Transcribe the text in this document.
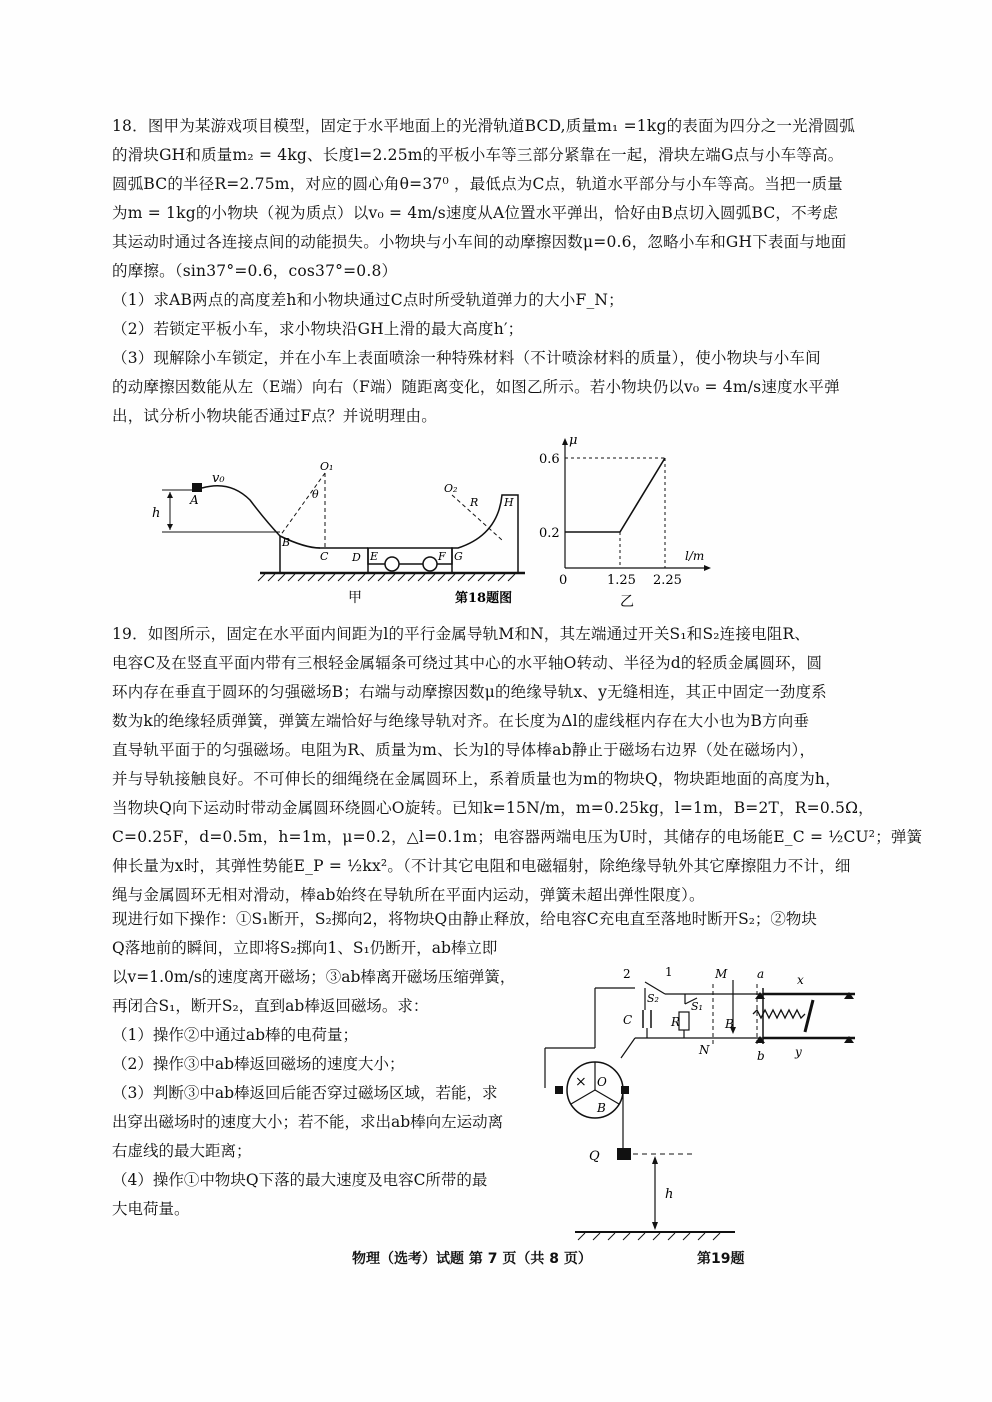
18．图甲为某游戏项目模型，固定于水平地面上的光滑轨道BCD,质量m₁ =1kg的表面为四分之一光滑圆弧
的滑块GH和质量m₂ = 4kg、长度l=2.25m的平板小车等三部分紧靠在一起，滑块左端G点与小车等高。
圆弧BC的半径R=2.75m，对应的圆心角θ=37⁰ ，最低点为C点，轨道水平部分与小车等高。当把一质量
为m = 1kg的小物块（视为质点）以v₀ = 4m/s速度从A位置水平弹出，恰好由B点切入圆弧BC，不考虑
其运动时通过各连接点间的动能损失。小物块与小车间的动摩擦因数μ=0.6，忽略小车和GH下表面与地面
的摩擦。（sin37°=0.6，cos37°=0.8）
（1）求AB两点的高度差h和小物块通过C点时所受轨道弹力的大小F_N；
（2）若锁定平板小车，求小物块沿GH上滑的最大高度h′；
（3）现解除小车锁定，并在小车上表面喷涂一种特殊材料（不计喷涂材料的质量），使小物块与小车间
的动摩擦因数能从左（E端）向右（F端）随距离变化，如图乙所示。若小物块仍以v₀ = 4m/s速度水平弹
出，试分析小物块能否通过F点？并说明理由。
h
A
v₀
B
C D
O₁
θ
E	F G
H
O₂
R
甲	第18题图
μ
l/m
0.6
0.2
0	1.25 2.25
乙
19．如图所示，固定在水平面内间距为l的平行金属导轨M和N，其左端通过开关S₁和S₂连接电阻R、
电容C及在竖直平面内带有三根轻金属辐条可绕过其中心的水平轴O转动、半径为d的轻质金属圆环，圆
环内存在垂直于圆环的匀强磁场B；右端与动摩擦因数μ的绝缘导轨x、y无缝相连，其正中固定一劲度系
数为k的绝缘轻质弹簧，弹簧左端恰好与绝缘导轨对齐。在长度为Δl的虚线框内存在大小也为B方向垂
直导轨平面于的匀强磁场。电阻为R、质量为m、长为l的导体棒ab静止于磁场右边界（处在磁场内），
并与导轨接触良好。不可伸长的细绳绕在金属圆环上，系着质量也为m的物块Q，物块距地面的高度为h，
当物块Q向下运动时带动金属圆环绕圆心O旋转。已知k=15N/m，m=0.25kg，l=1m，B=2T，R=0.5Ω，
C=0.25F，d=0.5m，h=1m，μ=0.2，△l=0.1m；电容器两端电压为U时，其储存的电场能E_C = ½CU²；弹簧
伸长量为x时，其弹性势能E_P = ½kx²。（不计其它电阻和电磁辐射，除绝缘导轨外其它摩擦阻力不计，细
绳与金属圆环无相对滑动，棒ab始终在导轨所在平面内运动，弹簧未超出弹性限度）。
现进行如下操作：①S₁断开，S₂掷向2，将物块Q由静止释放，给电容C充电直至落地时断开S₂；②物块
Q落地前的瞬间，立即将S₂掷向1、S₁仍断开，ab棒立即
以v=1.0m/s的速度离开磁场；③ab棒离开磁场压缩弹簧，
再闭合S₁，断开S₂，直到ab棒返回磁场。求：
（1）操作②中通过ab棒的电荷量；
（2）操作③中ab棒返回磁场的速度大小；
（3）判断③中ab棒返回后能否穿过磁场区域，若能，求
出穿出磁场时的速度大小；若不能，求出ab棒向左运动离
右虚线的最大距离；
（4）操作①中物块Q下落的最大速度及电容C所带的最
大电荷量。
B
a
b
M
N
x
y
2	1
S₂
C
S₁
R
× O
B
Q
h
物理（选考）试题 第 7 页（共 8 页）	第19题
